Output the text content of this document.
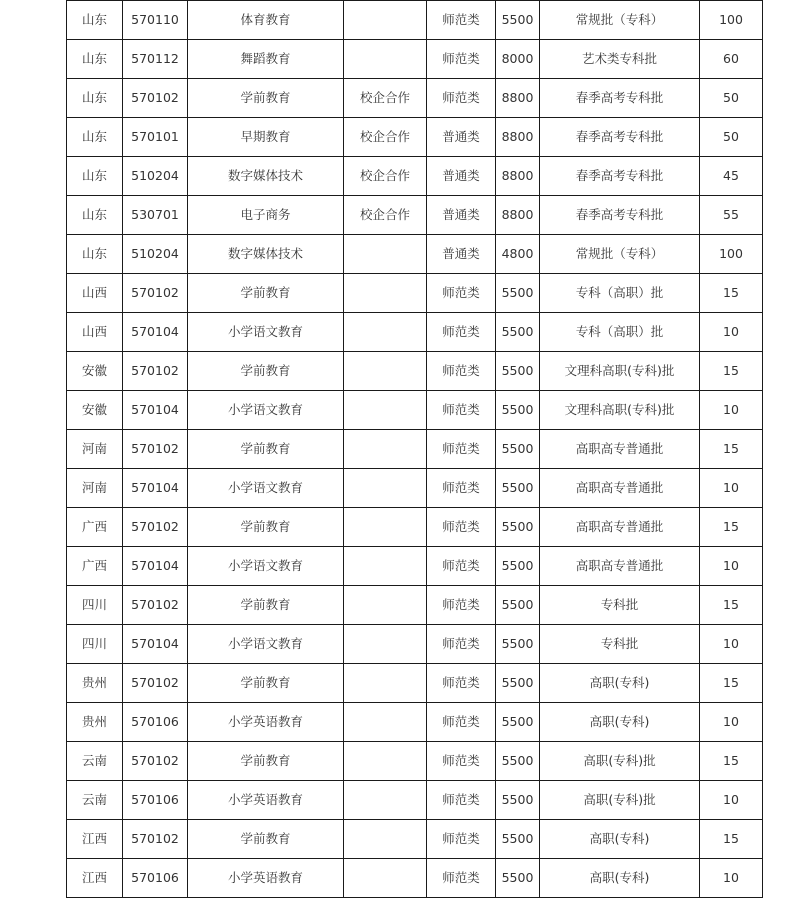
山东	570110	体育教育		师范类	5500	常规批（专科）	100
山东	570112	舞蹈教育		师范类	8000	艺术类专科批	60
山东	570102	学前教育	校企合作	师范类	8800	春季高考专科批	50
山东	570101	早期教育	校企合作	普通类	8800	春季高考专科批	50
山东	510204	数字媒体技术	校企合作	普通类	8800	春季高考专科批	45
山东	530701	电子商务	校企合作	普通类	8800	春季高考专科批	55
山东	510204	数字媒体技术		普通类	4800	常规批（专科）	100
山西	570102	学前教育		师范类	5500	专科（高职）批	15
山西	570104	小学语文教育		师范类	5500	专科（高职）批	10
安徽	570102	学前教育		师范类	5500	文理科高职(专科)批	15
安徽	570104	小学语文教育		师范类	5500	文理科高职(专科)批	10
河南	570102	学前教育		师范类	5500	高职高专普通批	15
河南	570104	小学语文教育		师范类	5500	高职高专普通批	10
广西	570102	学前教育		师范类	5500	高职高专普通批	15
广西	570104	小学语文教育		师范类	5500	高职高专普通批	10
四川	570102	学前教育		师范类	5500	专科批	15
四川	570104	小学语文教育		师范类	5500	专科批	10
贵州	570102	学前教育		师范类	5500	高职(专科)	15
贵州	570106	小学英语教育		师范类	5500	高职(专科)	10
云南	570102	学前教育		师范类	5500	高职(专科)批	15
云南	570106	小学英语教育		师范类	5500	高职(专科)批	10
江西	570102	学前教育		师范类	5500	高职(专科)	15
江西	570106	小学英语教育		师范类	5500	高职(专科)	10
